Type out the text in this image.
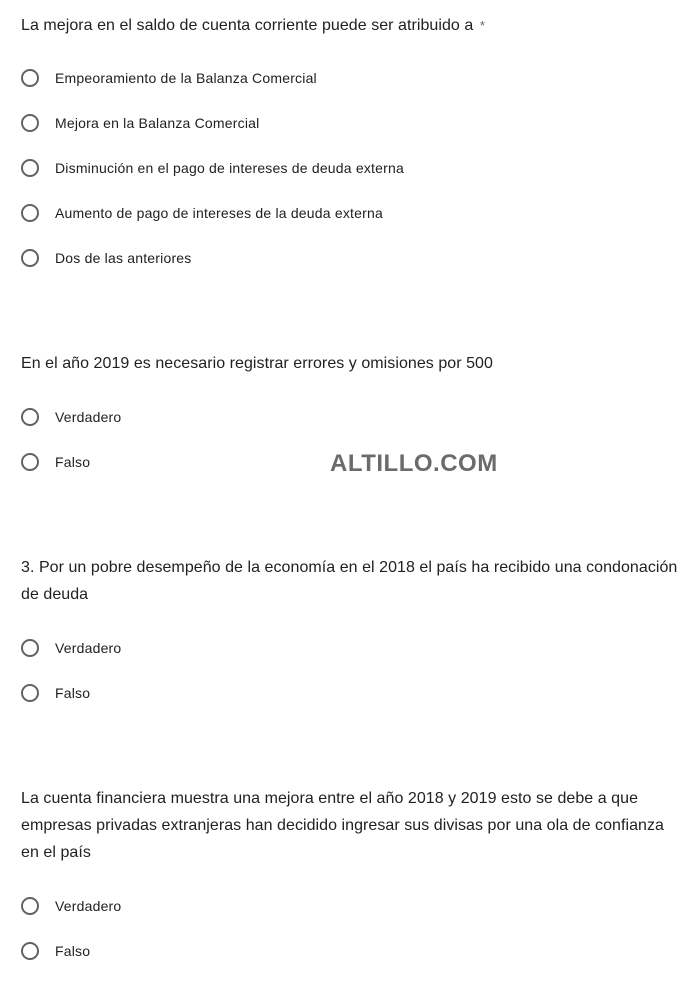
La mejora en el saldo de cuenta corriente puede ser atribuido a *
Empeoramiento de la Balanza Comercial
Mejora en la Balanza Comercial
Disminución en el pago de intereses de deuda externa
Aumento de pago de intereses de la deuda externa
Dos de las anteriores
En el año 2019 es necesario registrar errores y omisiones por 500
Verdadero
Falso	ALTILLO.COM
3. Por un pobre desempeño de la economía en el 2018 el país ha recibido una condonación de deuda
Verdadero
Falso
La cuenta financiera muestra una mejora entre el año 2018 y 2019 esto se debe a que empresas privadas extranjeras han decidido ingresar sus divisas por una ola de confianza en el país
Verdadero
Falso
